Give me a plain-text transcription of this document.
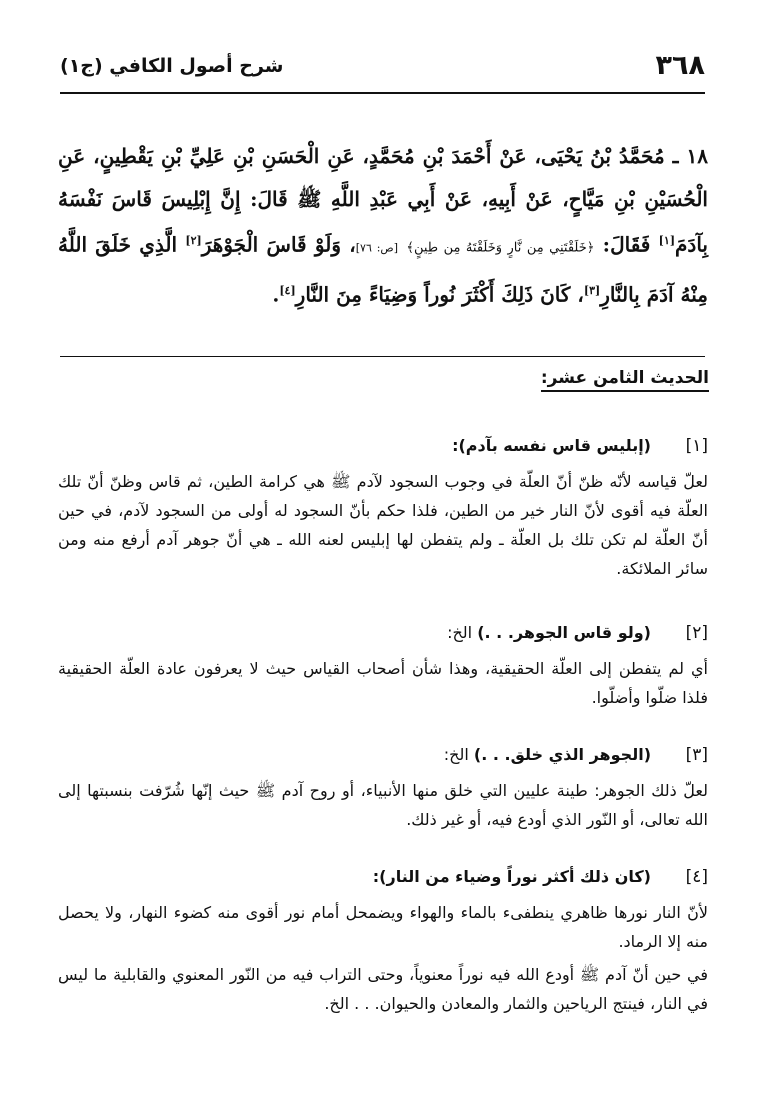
٣٦٨
شرح أصول الكافي (ج١)
١٨ ـ مُحَمَّدُ بْنُ يَحْيَى، عَنْ أَحْمَدَ بْنِ مُحَمَّدٍ، عَنِ الْحَسَنِ بْنِ عَلِيِّ بْنِ يَقْطِينٍ، عَنِ الْحُسَيْنِ بْنِ مَيَّاحٍ، عَنْ أَبِيهِ، عَنْ أَبِي عَبْدِ اللَّهِ ﷺ قَالَ: إِنَّ إِبْلِيسَ قَاسَ نَفْسَهُ بِآدَمَ[١] فَقَالَ: ﴿خَلَقْتَنِي مِن نَّارٍ وَخَلَقْتَهُ مِن طِينٍ﴾ [ص: ٧٦]، وَلَوْ قَاسَ الْجَوْهَرَ[٢] الَّذِي خَلَقَ اللَّهُ مِنْهُ آدَمَ بِالنَّارِ[٣]، كَانَ ذَلِكَ أَكْثَرَ نُوراً وَضِيَاءً مِنَ النَّارِ[٤].
الحديث الثامن عشر:
[١]
(إبليس قاس نفسه بآدم):

لعلّ قياسه لأنّه ظنّ أنّ العلّة في وجوب السجود لآدم ﷺ هي كرامة الطين، ثم قاس وظنّ أنّ تلك العلّة فيه أقوى لأنّ النار خير من الطين، فلذا حكم بأنّ السجود له أولى من السجود لآدم، في حين أنّ العلّة لم تكن تلك بل العلّة ـ ولم يتفطن لها إبليس لعنه الله ـ هي أنّ جوهر آدم أرفع منه ومن سائر الملائكة.

[٢]
(ولو قاس الجوهر. . .) الخ:

أي لم يتفطن إلى العلّة الحقيقية، وهذا شأن أصحاب القياس حيث لا يعرفون عادة العلّة الحقيقية فلذا ضلّوا وأضلّوا.

[٣]
(الجوهر الذي خلق. . .) الخ:

لعلّ ذلك الجوهر: طينة عليين التي خلق منها الأنبياء، أو روح آدم ﷺ حيث إنّها شُرّفت بنسبتها إلى الله تعالى، أو النّور الذي أودع فيه، أو غير ذلك.

[٤]
(كان ذلك أكثر نوراً وضياء من النار):

لأنّ النار نورها ظاهري ينطفىء بالماء والهواء ويضمحل أمام نور أقوى منه كضوء النهار، ولا يحصل منه إلا الرماد.

في حين أنّ آدم ﷺ أودع الله فيه نوراً معنوياً، وحتى التراب فيه من النّور المعنوي والقابلية ما ليس في النار، فينتج الرياحين والثمار والمعادن والحيوان. . . الخ.
